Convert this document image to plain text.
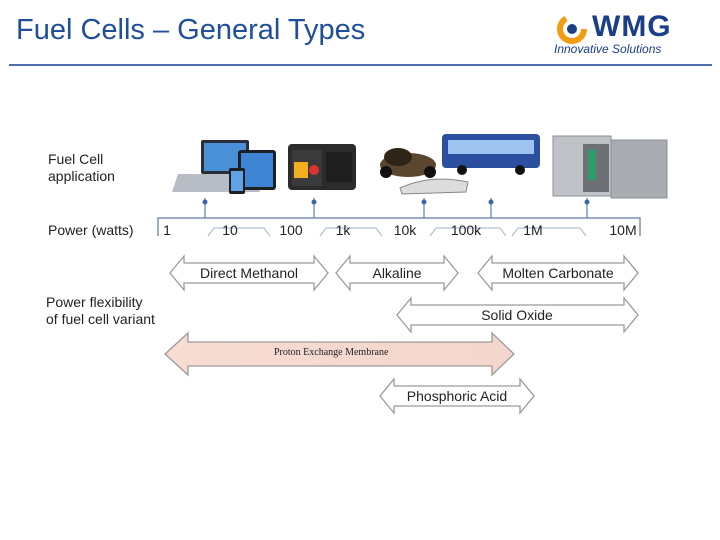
Fuel Cells – General Types	WMG
Innovative Solutions
Fuel Cell application
Power (watts)
Power flexibility of fuel cell variant
1	10	100 1k	10k 100k	1M	10M
Direct Methanol	Alkaline	Molten Carbonate
Solid Oxide
Proton Exchange Membrane
Phosphoric Acid
